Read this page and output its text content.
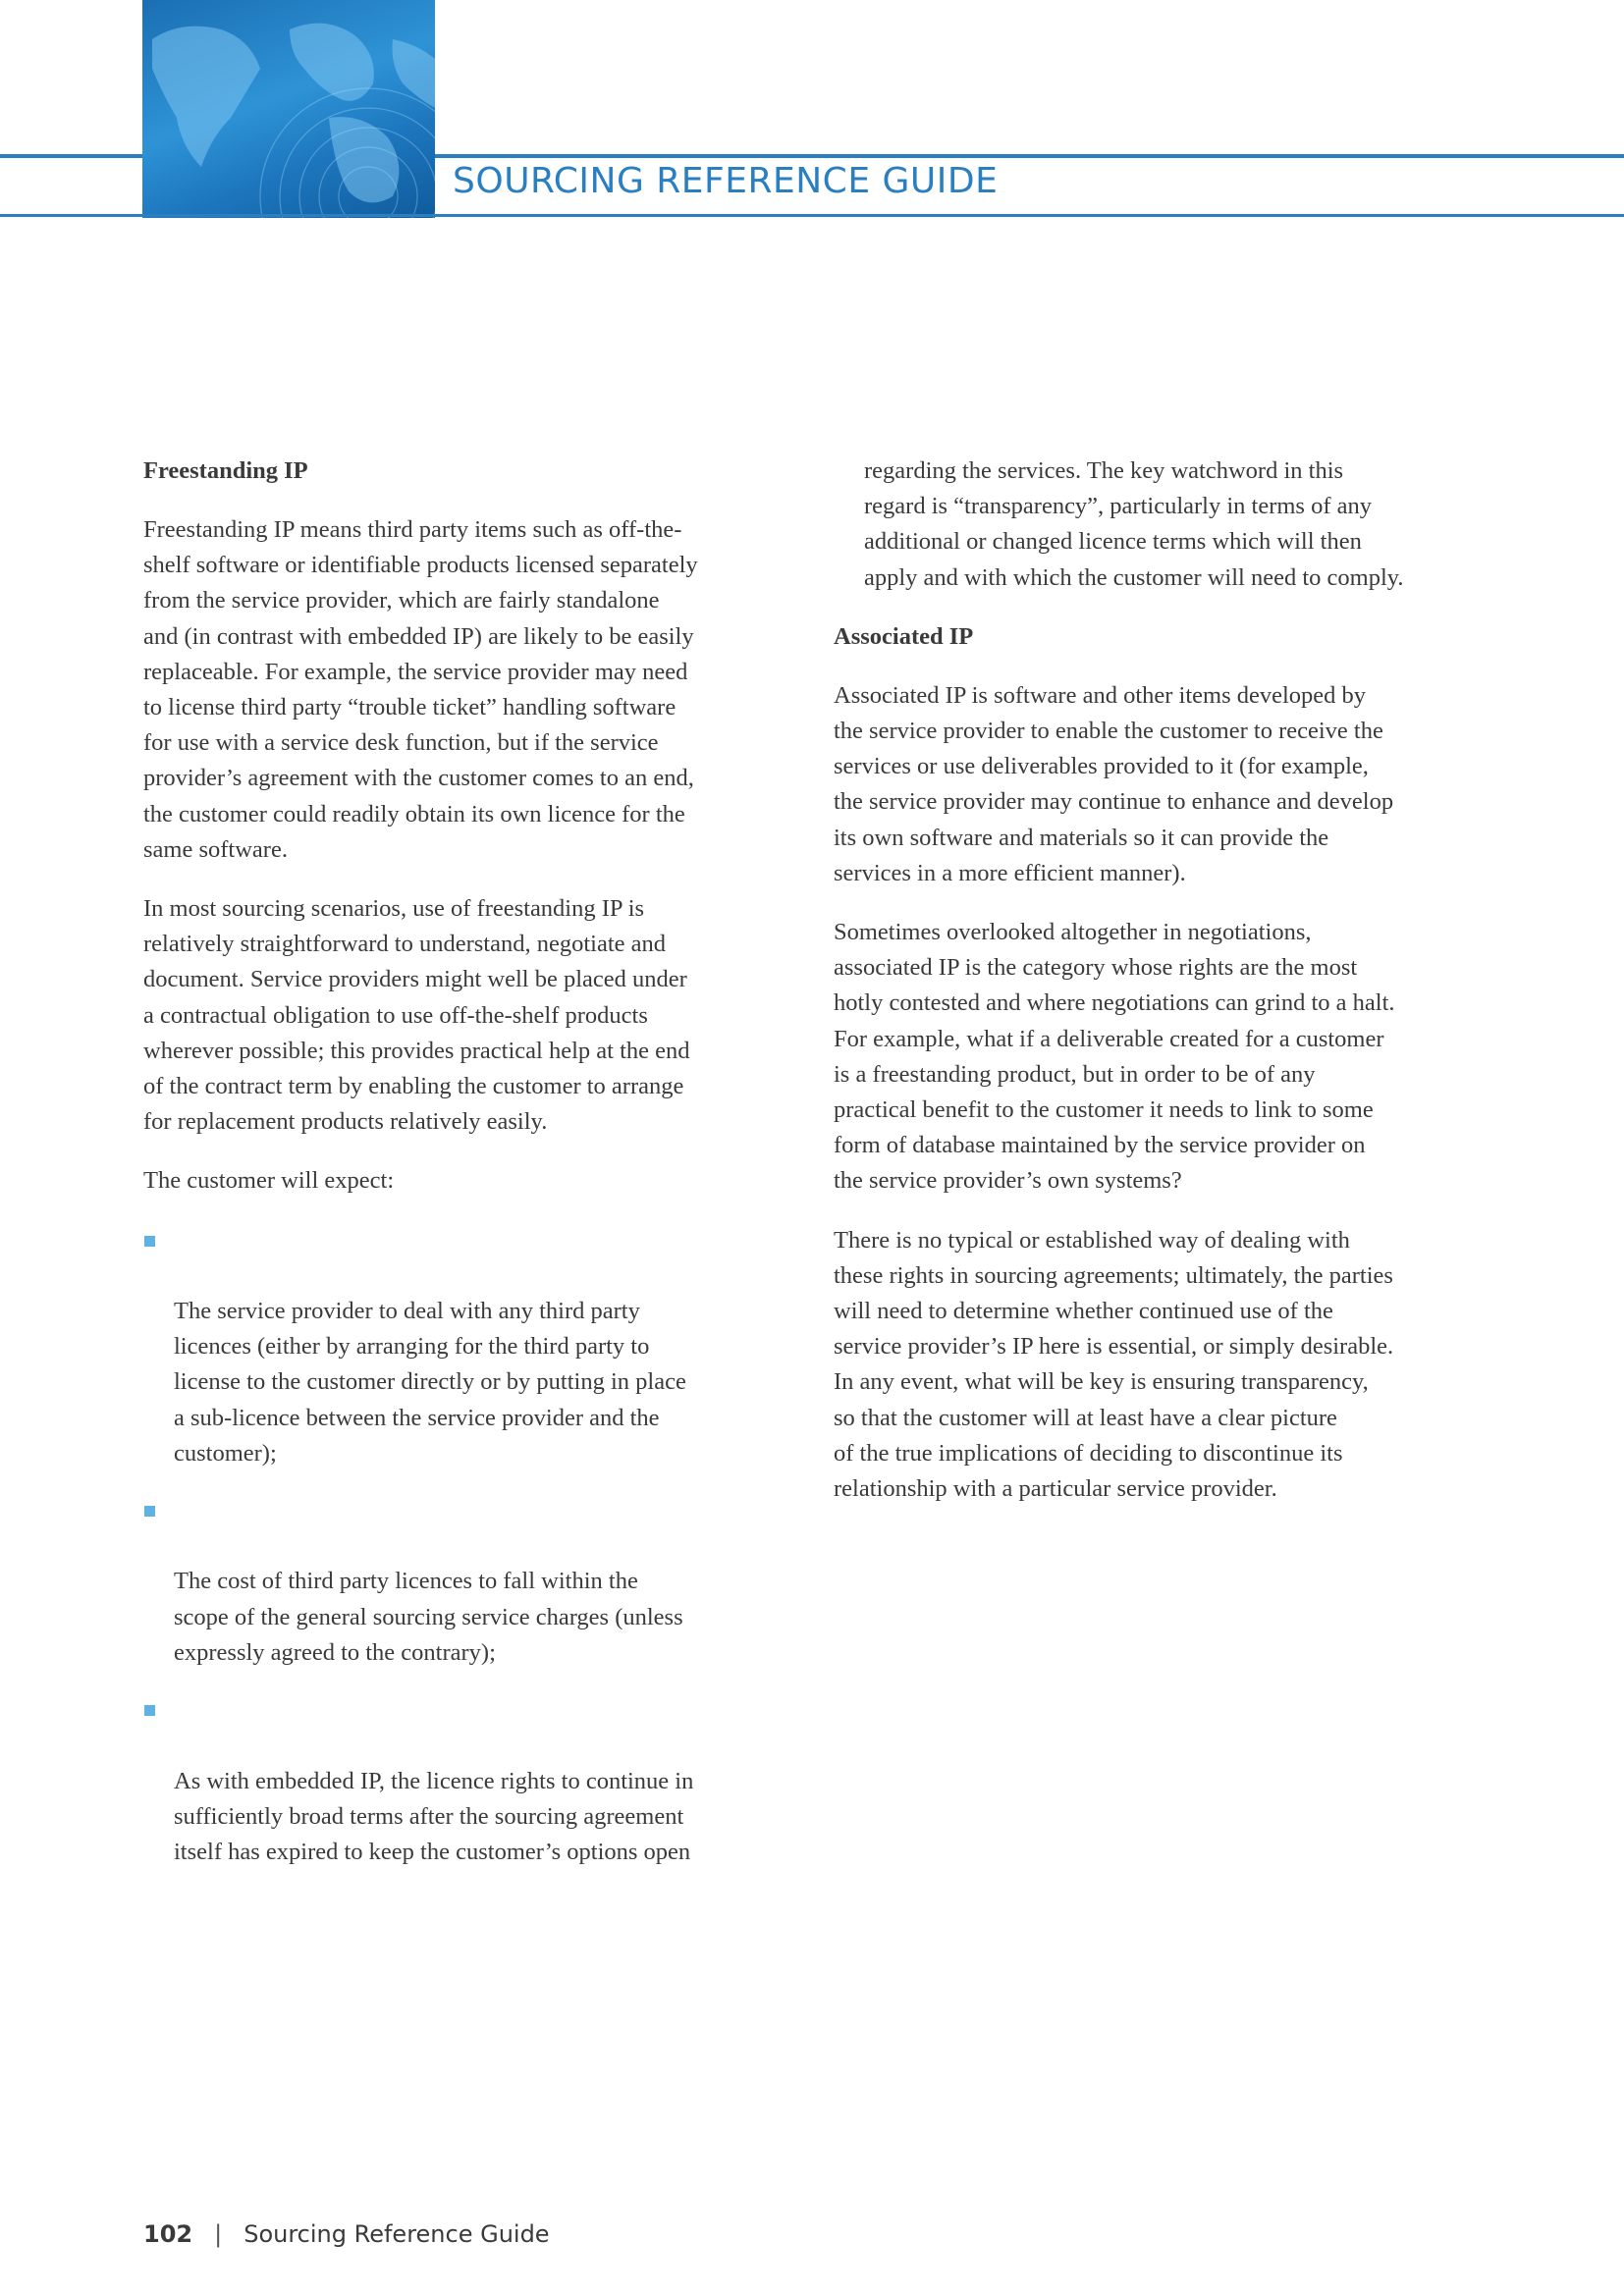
SOURCING REFERENCE GUIDE
Freestanding IP

Freestanding IP means third party items such as off-the-
shelf software or identifiable products licensed separately
from the service provider, which are fairly standalone
and (in contrast with embedded IP) are likely to be easily
replaceable. For example, the service provider may need
to license third party “trouble ticket” handling software
for use with a service desk function, but if the service
provider’s agreement with the customer comes to an end,
the customer could readily obtain its own licence for the
same software.

In most sourcing scenarios, use of freestanding IP is
relatively straightforward to understand, negotiate and
document. Service providers might well be placed under
a contractual obligation to use off-the-shelf products
wherever possible; this provides practical help at the end
of the contract term by enabling the customer to arrange
for replacement products relatively easily.

The customer will expect:

The service provider to deal with any third party
licences (either by arranging for the third party to
license to the customer directly or by putting in place
a sub-licence between the service provider and the
customer);

The cost of third party licences to fall within the
scope of the general sourcing service charges (unless
expressly agreed to the contrary);

As with embedded IP, the licence rights to continue in
sufficiently broad terms after the sourcing agreement
itself has expired to keep the customer’s options open

regarding the services. The key watchword in this
regard is “transparency”, particularly in terms of any
additional or changed licence terms which will then
apply and with which the customer will need to comply.

Associated IP

Associated IP is software and other items developed by
the service provider to enable the customer to receive the
services or use deliverables provided to it (for example,
the service provider may continue to enhance and develop
its own software and materials so it can provide the
services in a more efficient manner).

Sometimes overlooked altogether in negotiations,
associated IP is the category whose rights are the most
hotly contested and where negotiations can grind to a halt.
For example, what if a deliverable created for a customer
is a freestanding product, but in order to be of any
practical benefit to the customer it needs to link to some
form of database maintained by the service provider on
the service provider’s own systems?

There is no typical or established way of dealing with
these rights in sourcing agreements; ultimately, the parties
will need to determine whether continued use of the
service provider’s IP here is essential, or simply desirable.
In any event, what will be key is ensuring transparency,
so that the customer will at least have a clear picture
of the true implications of deciding to discontinue its
relationship with a particular service provider.

102 | Sourcing Reference Guide
